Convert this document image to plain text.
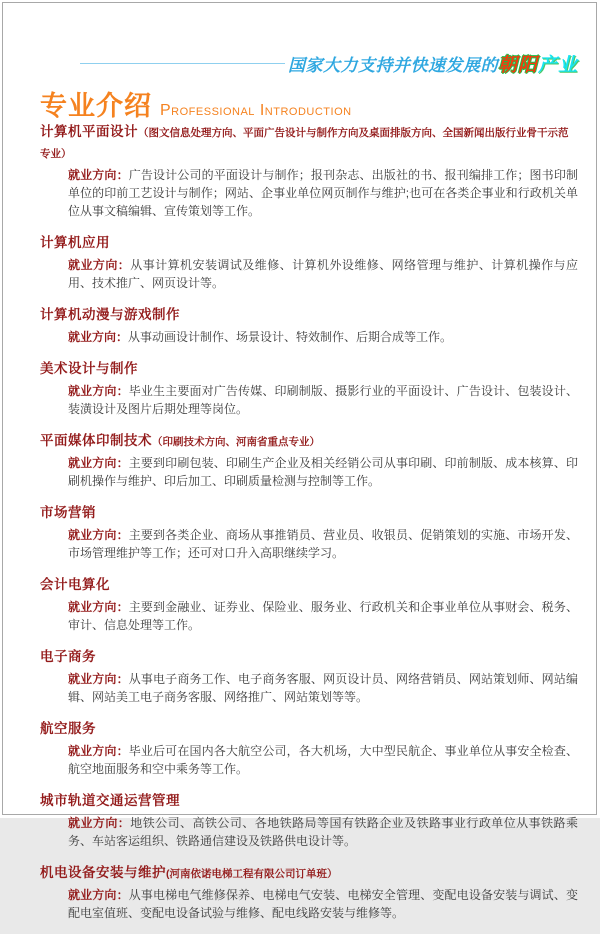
国家大力支持并快速发展的 朝阳 产业
专业介绍 Professional Introduction
计算机平面设计（图文信息处理方向、平面广告设计与制作方向及桌面排版方向、全国新闻出版行业骨干示范专业）

就业方向：广告设计公司的平面设计与制作；报刊杂志、出版社的书、报刊编排工作；图书印制单位的印前工艺设计与制作；网站、企事业单位网页制作与维护;也可在各类企事业和行政机关单位从事文稿编辑、宣传策划等工作。

计算机应用

就业方向：从事计算机安装调试及维修、计算机外设维修、网络管理与维护、计算机操作与应用、技术推广、网页设计等。

计算机动漫与游戏制作

就业方向：从事动画设计制作、场景设计、特效制作、后期合成等工作。

美术设计与制作

就业方向：毕业生主要面对广告传媒、印刷制版、摄影行业的平面设计、广告设计、包装设计、装潢设计及图片后期处理等岗位。

平面媒体印制技术（印刷技术方向、河南省重点专业）

就业方向：主要到印刷包装、印刷生产企业及相关经销公司从事印刷、印前制版、成本核算、印刷机操作与维护、印后加工、印刷质量检测与控制等工作。

市场营销

就业方向：主要到各类企业、商场从事推销员、营业员、收银员、促销策划的实施、市场开发、市场管理维护等工作；还可对口升入高职继续学习。

会计电算化

就业方向：主要到金融业、证券业、保险业、服务业、行政机关和企事业单位从事财会、税务、审计、信息处理等工作。

电子商务

就业方向：从事电子商务工作、电子商务客服、网页设计员、网络营销员、网站策划师、网站编辑、网站美工电子商务客服、网络推广、网站策划等等。

航空服务

就业方向：毕业后可在国内各大航空公司，各大机场，大中型民航企、事业单位从事安全检查、航空地面服务和空中乘务等工作。

城市轨道交通运营管理

就业方向：地铁公司、高铁公司、各地铁路局等国有铁路企业及铁路事业行政单位从事铁路乘务、车站客运组织、铁路通信建设及铁路供电设计等。

机电设备安装与维护(河南依诺电梯工程有限公司订单班）

就业方向：从事电梯电气维修保养、电梯电气安装、电梯安全管理、变配电设备安装与调试、变配电室值班、变配电设备试验与维修、配电线路安装与维修等。
